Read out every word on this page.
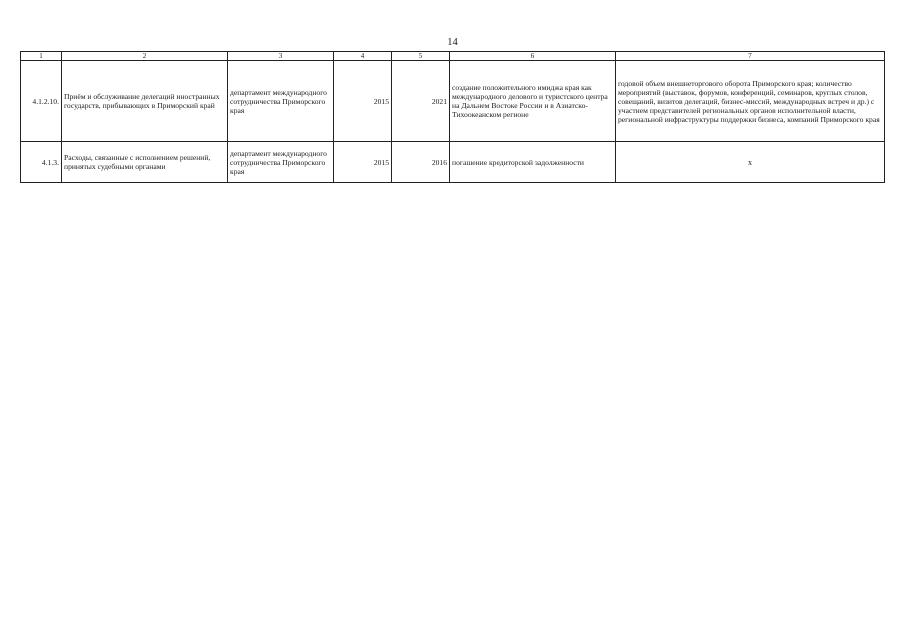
14
1	2	3	4	5	6	7
4.1.2.10.	Приём и обслуживание делегаций иностранных государств, прибывающих в Приморский край	департамент международного сотрудничества Приморского края	2015	2021	создание положительного имиджа края как международного делового и туристского центра на Дальнем Востоке России и в Азиатско-Тихоокеанском регионе	годовой объем внешнеторгового оборота Приморского края; количество мероприятий (выставок, форумов, конференций, семинаров, круглых столов, совещаний, визитов делегаций, бизнес-миссий, международных встреч и др.) с участием представителей региональных органов исполнительной власти, региональной инфраструктуры поддержки бизнеса, компаний Приморского края
4.1.3.	Расходы, связанные с исполнением решений, принятых судебными органами	департамент международного сотрудничества Приморского края	2015	2016	погашение кредиторской задолженности	х
